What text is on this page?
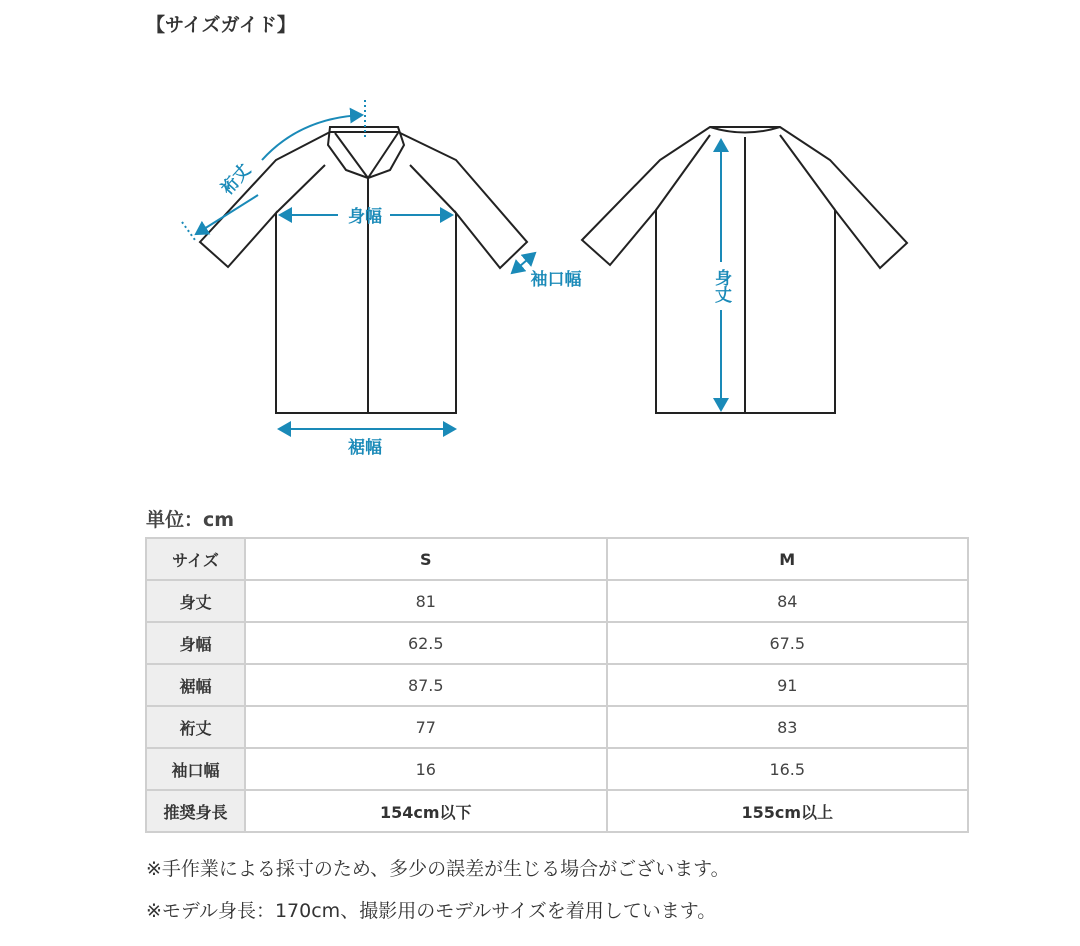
【サイズガイド】
裄丈
身幅
袖口幅
裾幅
身丈
単位：cm
サイズ	S	M
身丈	81	84
身幅	62.5	67.5
裾幅	87.5	91
裄丈	77	83
袖口幅	16	16.5
推奨身長	154cm以下	155cm以上
※手作業による採寸のため、多少の誤差が生じる場合がございます。
※モデル身長：170cm、撮影用のモデルサイズを着用しています。
